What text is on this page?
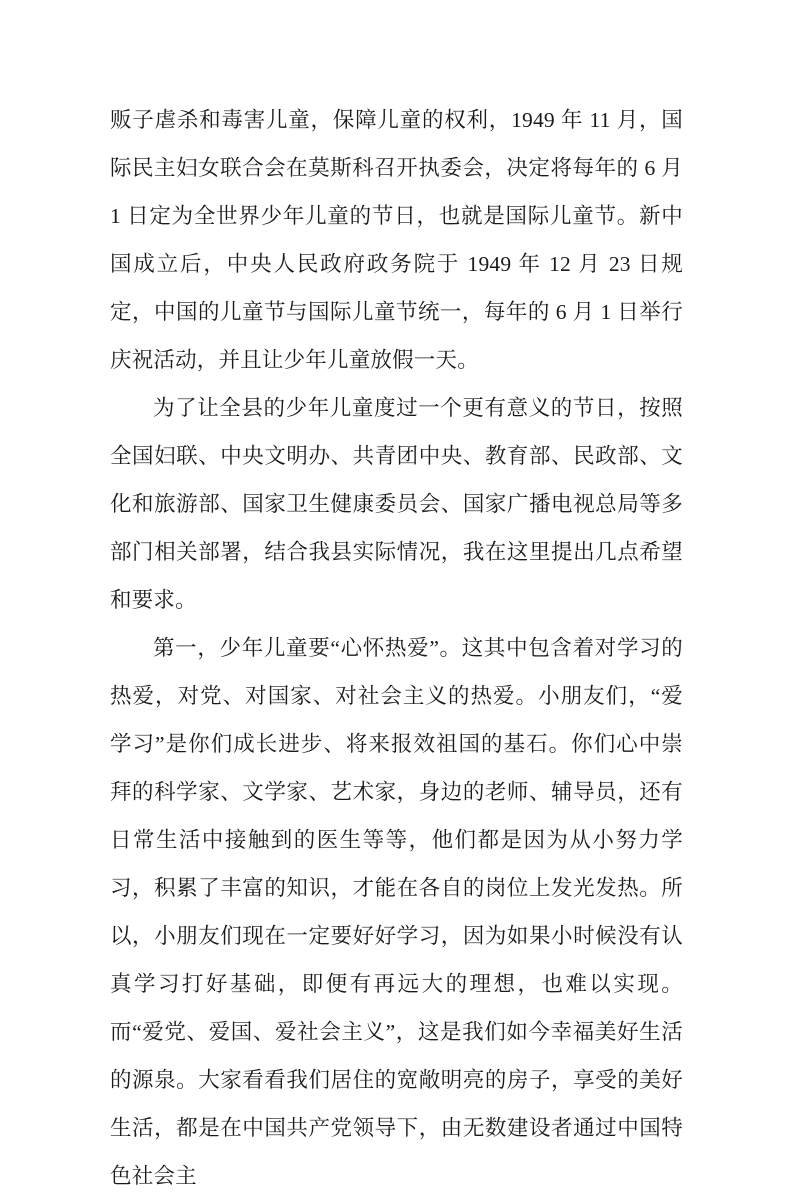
贩子虐杀和毒害儿童，保障儿童的权利，1949 年 11 月，国际民主妇女联合会在莫斯科召开执委会，决定将每年的 6 月 1 日定为全世界少年儿童的节日，也就是国际儿童节。新中国成立后，中央人民政府政务院于 1949 年 12 月 23 日规定，中国的儿童节与国际儿童节统一，每年的 6 月 1 日举行庆祝活动，并且让少年儿童放假一天。

为了让全县的少年儿童度过一个更有意义的节日，按照全国妇联、中央文明办、共青团中央、教育部、民政部、文化和旅游部、国家卫生健康委员会、国家广播电视总局等多部门相关部署，结合我县实际情况，我在这里提出几点希望和要求。

第一，少年儿童要“心怀热爱”。这其中包含着对学习的热爱，对党、对国家、对社会主义的热爱。小朋友们，“爱学习”是你们成长进步、将来报效祖国的基石。你们心中崇拜的科学家、文学家、艺术家，身边的老师、辅导员，还有日常生活中接触到的医生等等，他们都是因为从小努力学习，积累了丰富的知识，才能在各自的岗位上发光发热。所以，小朋友们现在一定要好好学习，因为如果小时候没有认真学习打好基础，即便有再远大的理想，也难以实现。而“爱党、爱国、爱社会主义”，这是我们如今幸福美好生活的源泉。大家看看我们居住的宽敞明亮的房子，享受的美好生活，都是在中国共产党领导下，由无数建设者通过中国特色社会主
